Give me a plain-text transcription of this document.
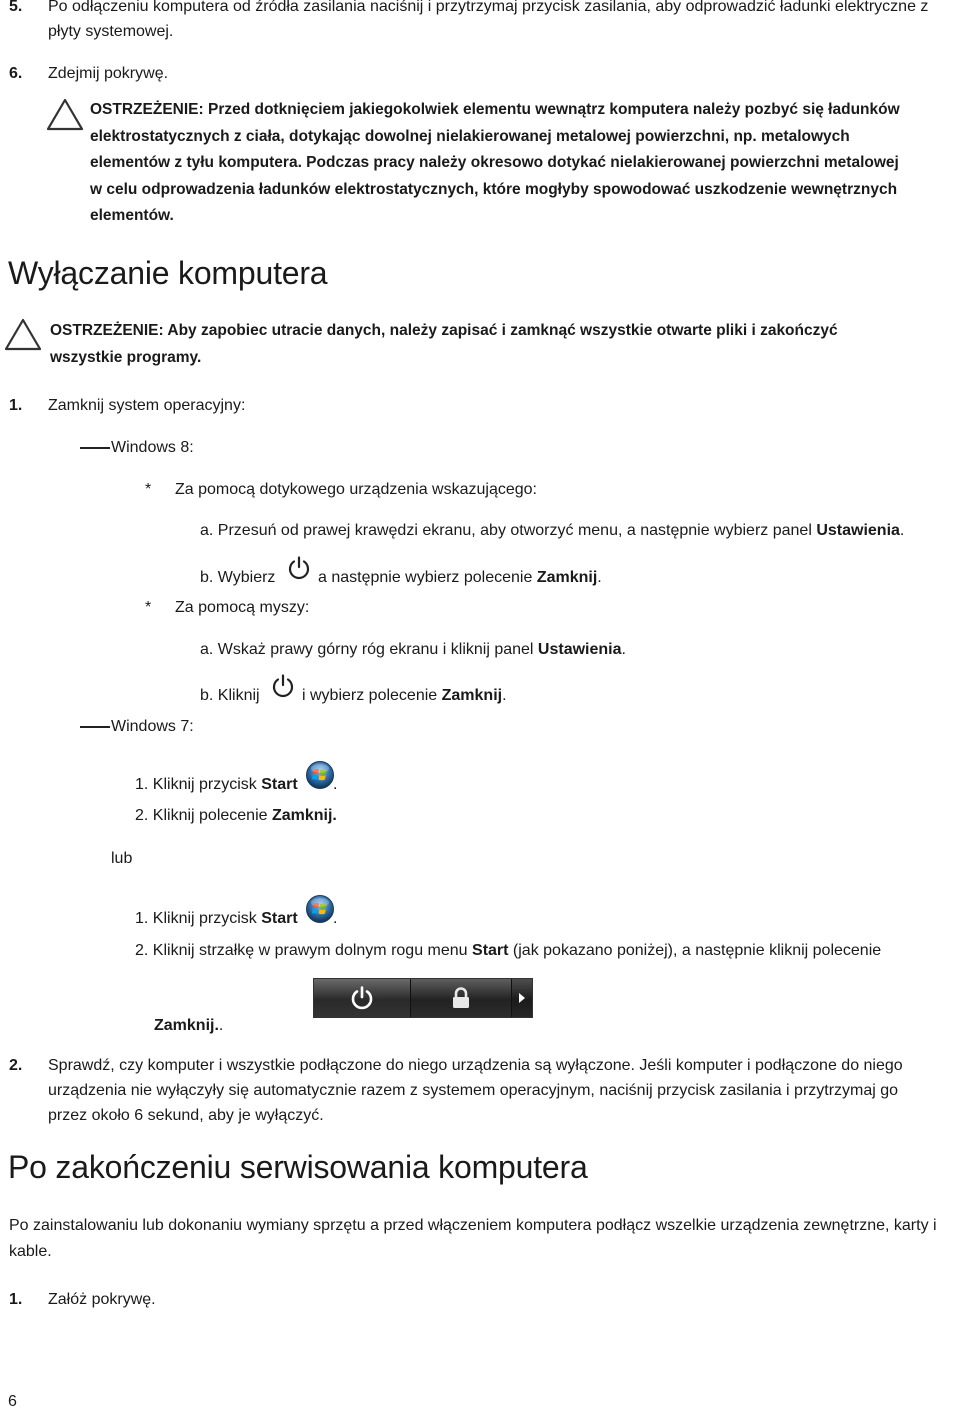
5. Po odłączeniu komputera od źródła zasilania naciśnij i przytrzymaj przycisk zasilania, aby odprowadzić ładunki elektryczne z
płyty systemowej.
6. Zdejmij pokrywę.
OSTRZEŻENIE: Przed dotknięciem jakiegokolwiek elementu wewnątrz komputera należy pozbyć się ładunków
elektrostatycznych z ciała, dotykając dowolnej nielakierowanej metalowej powierzchni, np. metalowych
elementów z tyłu komputera. Podczas pracy należy okresowo dotykać nielakierowanej powierzchni metalowej
w celu odprowadzenia ładunków elektrostatycznych, które mogłyby spowodować uszkodzenie wewnętrznych
elementów.
Wyłączanie komputera
OSTRZEŻENIE: Aby zapobiec utracie danych, należy zapisać i zamknąć wszystkie otwarte pliki i zakończyć
wszystkie programy.
1. Zamknij system operacyjny:
Windows 8:
* Za pomocą dotykowego urządzenia wskazującego:
a. Przesuń od prawej krawędzi ekranu, aby otworzyć menu, a następnie wybierz panel Ustawienia.
b. Wybierz	a następnie wybierz polecenie Zamknij.
* Za pomocą myszy:
a. Wskaż prawy górny róg ekranu i kliknij panel Ustawienia.
b. Kliknij	i wybierz polecenie Zamknij.
Windows 7:
1. Kliknij przycisk Start .
2. Kliknij polecenie Zamknij.
lub
1. Kliknij przycisk Start .
2. Kliknij strzałkę w prawym dolnym rogu menu Start (jak pokazano poniżej), a następnie kliknij polecenie
Zamknij..
2. Sprawdź, czy komputer i wszystkie podłączone do niego urządzenia są wyłączone. Jeśli komputer i podłączone do niego
urządzenia nie wyłączyły się automatycznie razem z systemem operacyjnym, naciśnij przycisk zasilania i przytrzymaj go
przez około 6 sekund, aby je wyłączyć.
Po zakończeniu serwisowania komputera
Po zainstalowaniu lub dokonaniu wymiany sprzętu a przed włączeniem komputera podłącz wszelkie urządzenia zewnętrzne, karty i
kable.
1. Załóż pokrywę.
6
